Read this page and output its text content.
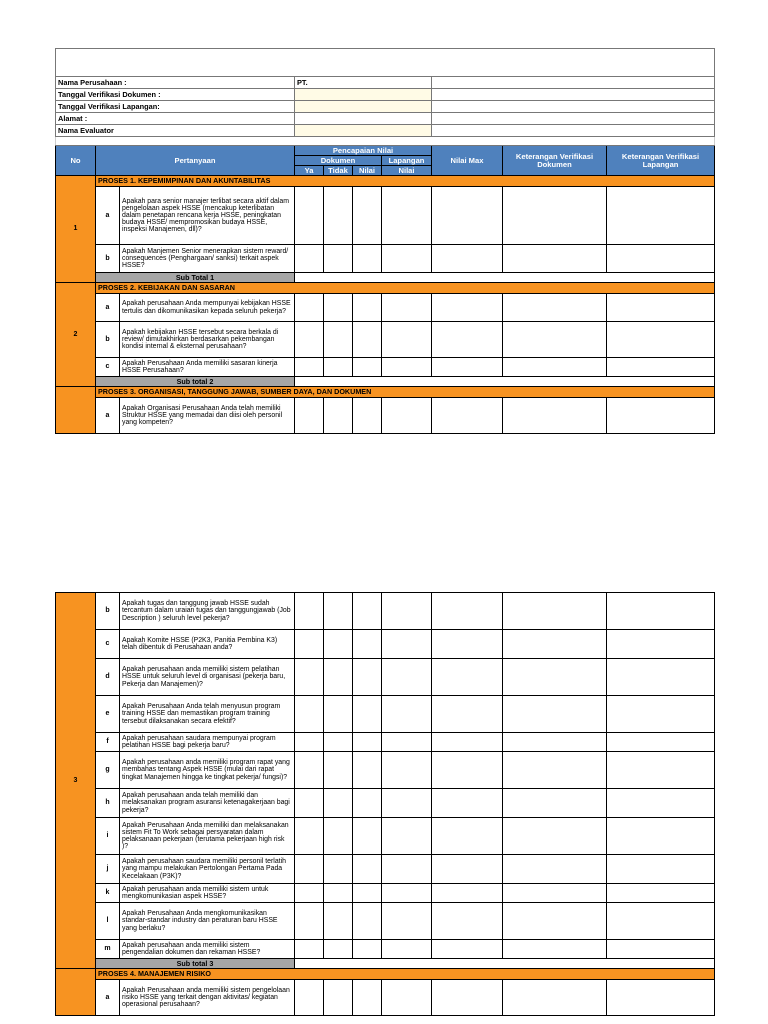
Nama Perusahaan :			PT.						
Tanggal Verifikasi Dokumen :									
Tanggal Verifikasi Lapangan:									
Alamat :									
Nama Evaluator									

No	Pertanyaan		Pencapaian Nilai				Nilai Max	Keterangan Verifikasi Dokumen	Keterangan Verifikasi Lapangan
			Dokumen			Lapangan			
			Ya	Tidak	Nilai	Nilai			
1	PROSES 1. KEPEMIMPINAN DAN AKUNTABILITAS								
	a	Apakah para senior manajer terlibat secara aktif dalam pengelolaan aspek HSSE (mencakup keterlibatan dalam penetapan rencana kerja HSSE, peningkatan budaya HSSE/ mempromosikan budaya HSSE, inspeksi Manajemen, dll)?							
	b	Apakah Manjemen Senior menerapkan sistem reward/ consequences (Penghargaan/ sanksi) terkait aspek HSSE?							
	Sub Total 1								
2	PROSES 2. KEBIJAKAN DAN SASARAN								
	a	Apakah perusahaan Anda mempunyai kebijakan HSSE tertulis dan dikomunikasikan kepada seluruh pekerja?							
	b	Apakah kebijakan HSSE tersebut secara berkala di review/ dimutakhirkan berdasarkan pekembangan kondisi internal & eksternal perusahaan?							
	c	Apakah Perusahaan Anda memiliki sasaran kinerja HSSE Perusahaan?							
	Sub total 2								
	PROSES 3. ORGANISASI, TANGGUNG JAWAB, SUMBER DAYA, DAN DOKUMEN								
	a	Apakah Organisasi Perusahaan Anda telah memiliki Struktur HSSE yang memadai dan diisi oleh personil yang kompeten?							
3	b	Apakah tugas dan tanggung jawab HSSE sudah tercantum dalam uraian tugas dan tanggungjawab (Job Description ) seluruh level pekerja?							
	c	Apakah Komite HSSE (P2K3, Panitia Pembina K3) telah dibentuk di Perusahaan anda?							
	d	Apakah perusahaan anda memiliki sistem pelatihan HSSE untuk seluruh level di organisasi (pekerja baru, Pekerja dan Manajemen)?							
	e	Apakah Perusahaan Anda telah menyusun program training HSSE dan memastikan program training tersebut dilaksanakan secara efektif?							
	f	Apakah perusahaan saudara mempunyai program pelatihan HSSE bagi pekerja baru?							
	g	Apakah perusahaan anda memiliki program rapat yang membahas tentang Aspek HSSE (mulai dari rapat tingkat Manajemen hingga ke tingkat pekerja/ fungsi)?							
	h	Apakah perusahaan anda telah memiliki dan melaksanakan program asuransi ketenagakerjaan bagi pekerja?							
	i	Apakah Perusahaan Anda memiliki dan melaksanakan sistem Fit To Work sebagai persyaratan dalam pelaksanaan pekerjaan (terutama pekerjaan high risk )?							
	j	Apakah perusahaan saudara memiliki personil terlatih yang mampu melakukan Pertolongan Pertama Pada Kecelakaan (P3K)?							
	k	Apakah perusahaan anda memiliki sistem untuk mengkomunikasian aspek HSSE?							
	l	Apakah Perusahaan Anda mengkomunikasikan standar-standar industry dan peraturan baru HSSE yang berlaku?							
	m	Apakah perusahaan anda memiliki sistem pengendalian dokumen dan rekaman HSSE?							
	Sub total 3								
	PROSES 4. MANAJEMEN RISIKO								
	a	Apakah Perusahaan anda memiliki sistem pengelolaan risiko HSSE yang terkait dengan aktivitas/ kegiatan operasional perusahaan?							
